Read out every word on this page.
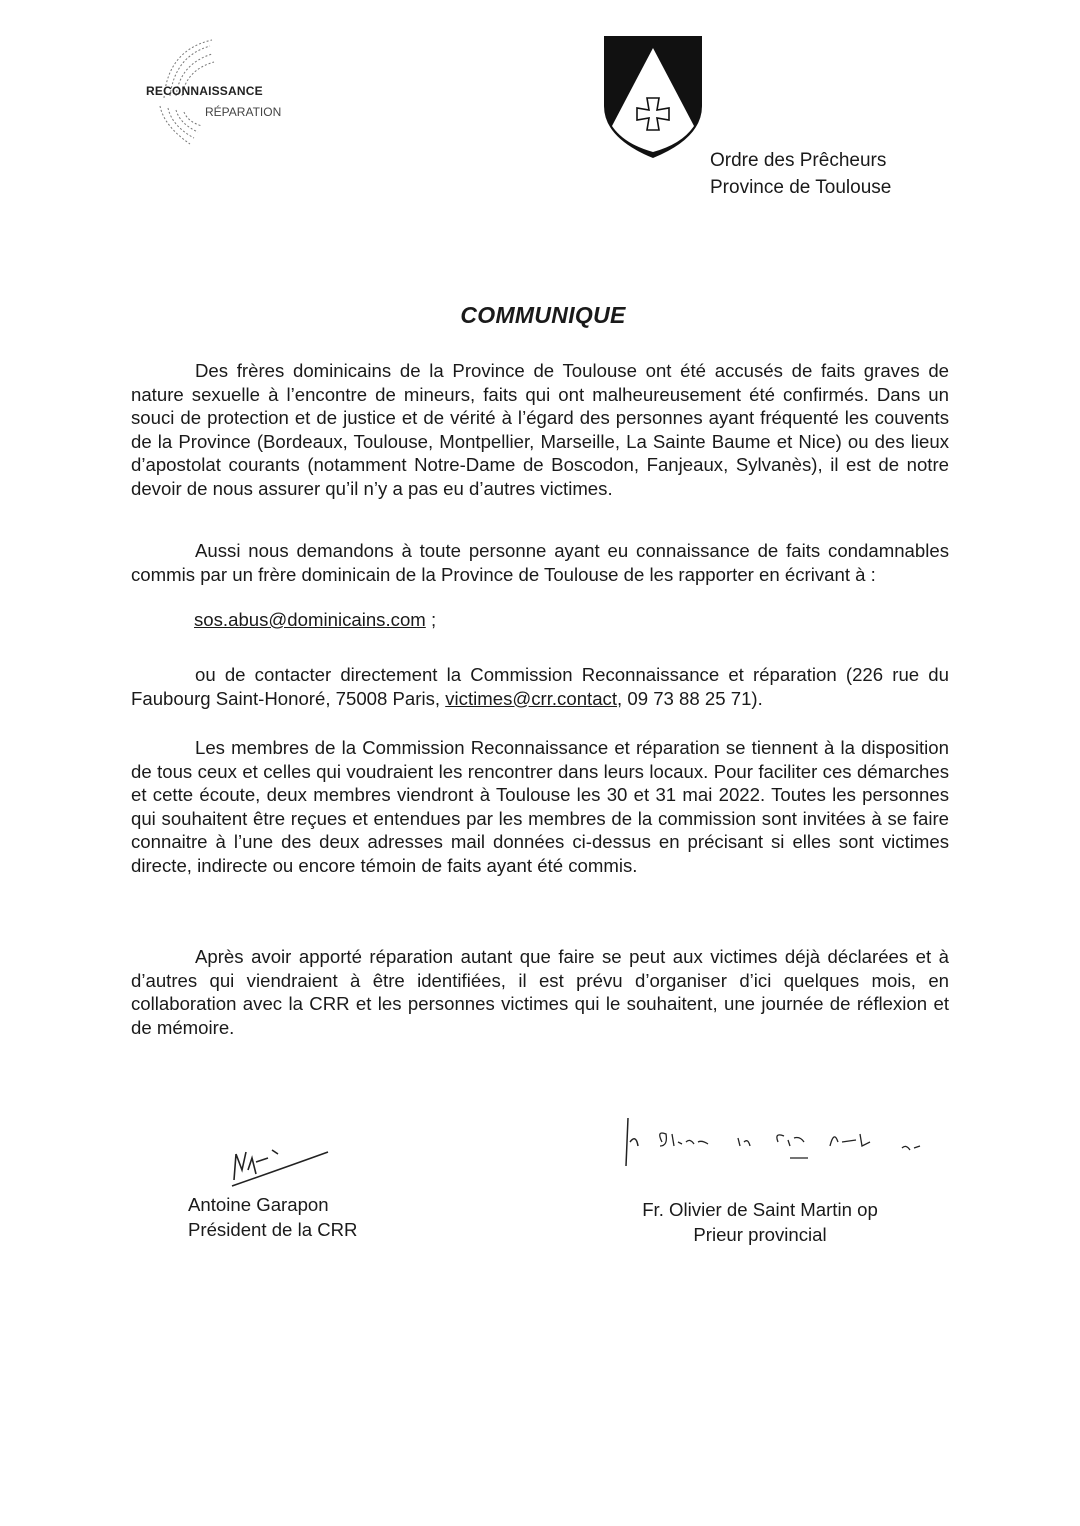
RECONNAISSANCE
RÉPARATION
Ordre des Prêcheurs
Province de Toulouse
COMMUNIQUE
Des frères dominicains de la Province de Toulouse ont été accusés de faits graves de nature sexuelle à l’encontre de mineurs, faits qui ont malheureusement été confirmés. Dans un souci de protection et de justice et de vérité à l’égard des personnes ayant fréquenté les couvents de la Province (Bordeaux, Toulouse, Montpellier, Marseille, La Sainte Baume et Nice) ou des lieux d’apostolat courants (notamment Notre-Dame de Boscodon, Fanjeaux, Sylvanès), il est de notre devoir de nous assurer qu’il n’y a pas eu d’autres victimes.
Aussi nous demandons à toute personne ayant eu connaissance de faits condamnables commis par un frère dominicain de la Province de Toulouse de les rapporter en écrivant à :
sos.abus@dominicains.com ;
ou de contacter directement la Commission Reconnaissance et réparation (226 rue du Faubourg Saint-Honoré, 75008 Paris, victimes@crr.contact, 09 73 88 25 71).
Les membres de la Commission Reconnaissance et réparation se tiennent à la disposition de tous ceux et celles qui voudraient les rencontrer dans leurs locaux. Pour faciliter ces démarches et cette écoute, deux membres viendront à Toulouse les 30 et 31 mai 2022. Toutes les personnes qui souhaitent être reçues et entendues par les membres de la commission sont invitées à se faire connaitre à l’une des deux adresses mail données ci-dessus en précisant si elles sont victimes directe, indirecte ou encore témoin de faits ayant été commis.
Après avoir apporté réparation autant que faire se peut aux victimes déjà déclarées et à d’autres qui viendraient à être identifiées, il est prévu d’organiser d’ici quelques mois, en collaboration avec la CRR et les personnes victimes qui le souhaitent, une journée de réflexion et de mémoire.
Antoine Garapon
Président de la CRR
Fr. Olivier de Saint Martin op
Prieur provincial
